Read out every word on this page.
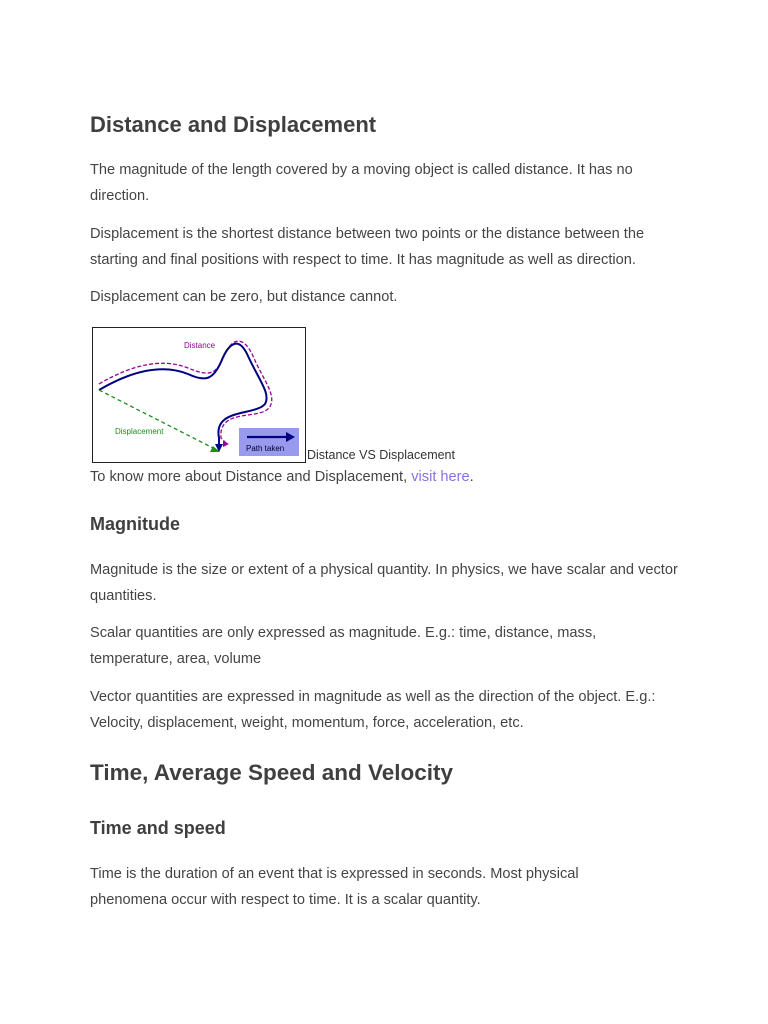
Distance and Displacement

The magnitude of the length covered by a moving object is called distance. It has no direction.

Displacement is the shortest distance between two points or the distance between the starting and final positions with respect to time. It has magnitude as well as direction.

Displacement can be zero, but distance cannot.

Distance
Displacement
Path taken Distance VS Displacement

To know more about Distance and Displacement, visit here.

Magnitude

Magnitude is the size or extent of a physical quantity. In physics, we have scalar and vector quantities.

Scalar quantities are only expressed as magnitude. E.g.: time, distance, mass, temperature, area, volume

Vector quantities are expressed in magnitude as well as the direction of the object. E.g.: Velocity, displacement, weight, momentum, force, acceleration, etc.

Time, Average Speed and Velocity
Time and speed

Time is the duration of an event that is expressed in seconds. Most physical phenomena occur with respect to time. It is a scalar quantity.
